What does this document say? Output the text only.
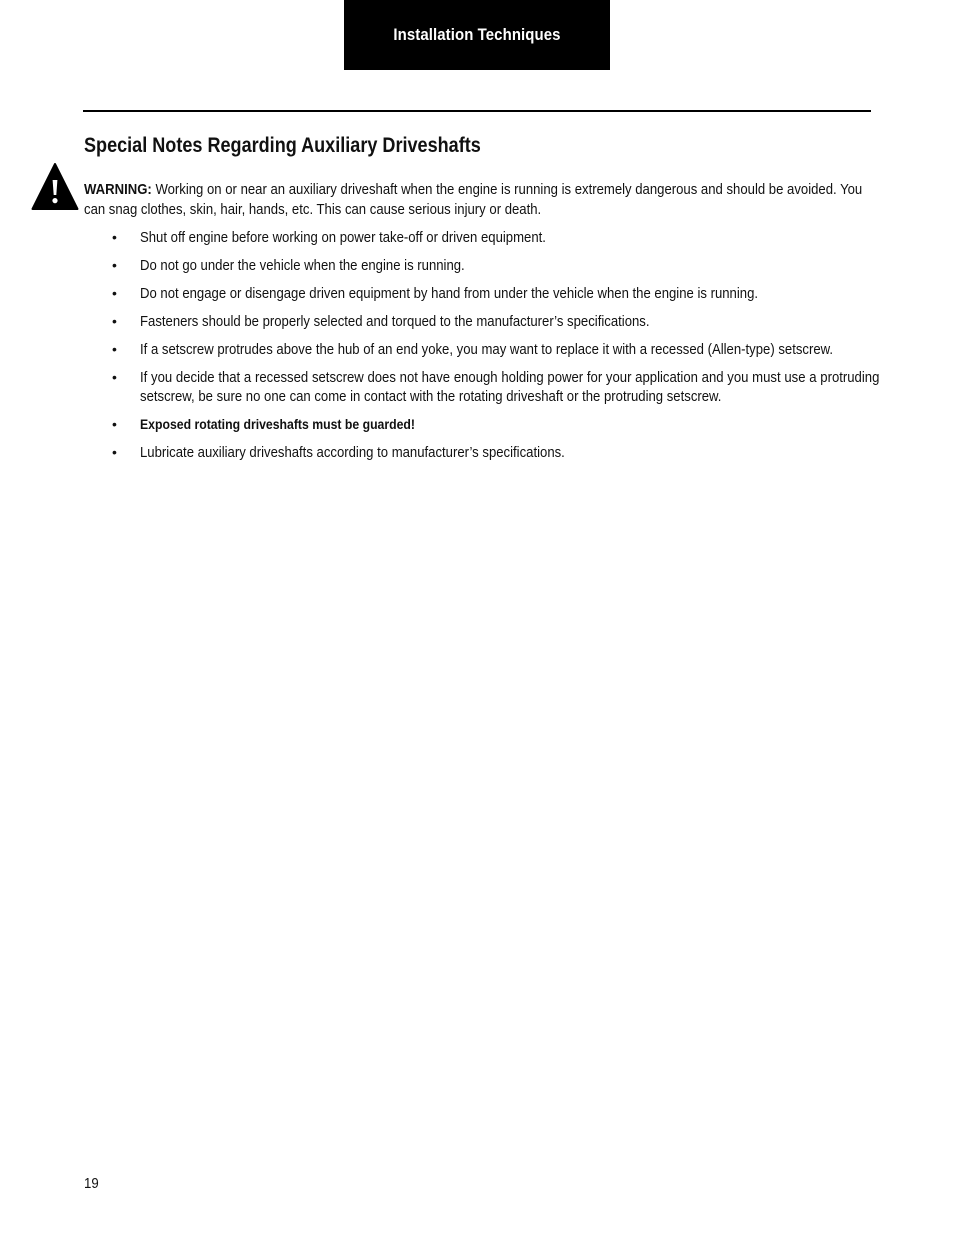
Installation Techniques
Special Notes Regarding Auxiliary Driveshafts

WARNING: Working on or near an auxiliary driveshaft when the engine is running is extremely dangerous and should be avoided. You can snag clothes, skin, hair, hands, etc. This can cause serious injury or death.

• Shut off engine before working on power take-off or driven equipment.
• Do not go under the vehicle when the engine is running.
• Do not engage or disengage driven equipment by hand from under the vehicle when the engine is running.
• Fasteners should be properly selected and torqued to the manufacturer’s specifications.
• If a setscrew protrudes above the hub of an end yoke, you may want to replace it with a recessed (Allen-type) setscrew.
• If you decide that a recessed setscrew does not have enough holding power for your application and you must use a protruding setscrew, be sure no one can come in contact with the rotating driveshaft or the protruding setscrew.
• Exposed rotating driveshafts must be guarded!
• Lubricate auxiliary driveshafts according to manufacturer’s specifications.
19
